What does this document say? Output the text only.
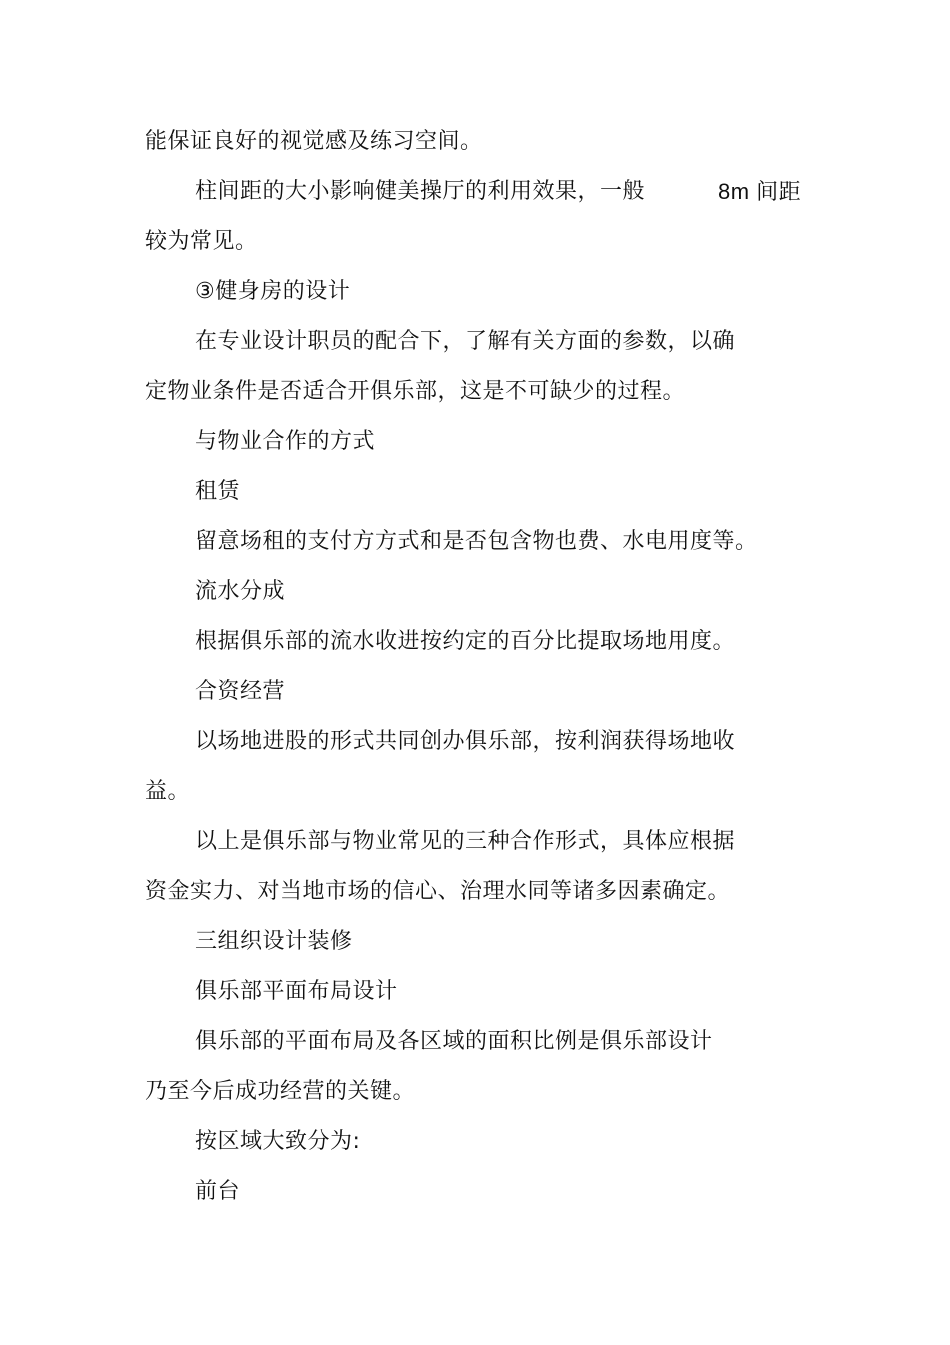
能保证良好的视觉感及练习空间。
柱间距的大小影响健美操厅的利用效果，一般	8m 间距
较为常见。
③健身房的设计
在专业设计职员的配合下，了解有关方面的参数，以确
定物业条件是否适合开俱乐部，这是不可缺少的过程。
与物业合作的方式
租赁
留意场租的支付方方式和是否包含物也费、水电用度等。
流水分成
根据俱乐部的流水收进按约定的百分比提取场地用度。
合资经营
以场地进股的形式共同创办俱乐部，按利润获得场地收
益。
以上是俱乐部与物业常见的三种合作形式，具体应根据
资金实力、对当地市场的信心、治理水同等诸多因素确定。
三组织设计装修
俱乐部平面布局设计
俱乐部的平面布局及各区域的面积比例是俱乐部设计
乃至今后成功经营的关键。
按区域大致分为:
前台
